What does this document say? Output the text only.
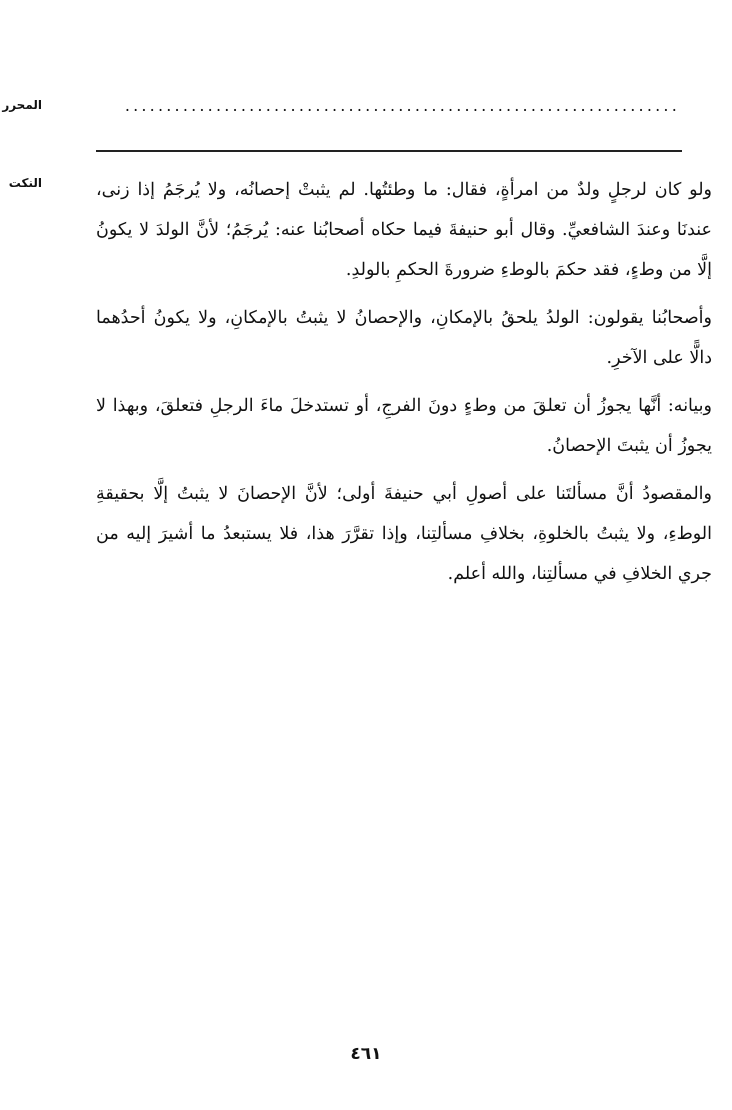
المحرر	...................................................................
النكت	ولو كان لرجلٍ ولدٌ من امرأةٍ، فقال: ما وطئتُها. لم يثبتْ إحصانُه، ولا يُرجَمُ إذا زنى، عندنَا وعندَ الشافعيِّ. وقال أبو حنيفةَ فيما حكاه أصحابُنا عنه: يُرجَمُ؛ لأنَّ الولدَ لا يكونُ إلَّا من وطءٍ، فقد حكمَ بالوطءِ ضرورةَ الحكمِ بالولدِ.

وأصحابُنا يقولون: الولدُ يلحقُ بالإمكانِ، والإحصانُ لا يثبتُ بالإمكانِ، ولا يكونُ أحدُهما دالًّا على الآخرِ.

وبيانه: أنَّها يجوزُ أن تعلقَ من وطءٍ دونَ الفرجِ، أو تستدخلَ ماءَ الرجلِ فتعلقَ، وبهذا لا يجوزُ أن يثبتَ الإحصانُ.

والمقصودُ أنَّ مسألتَنا على أصولِ أبي حنيفةَ أولى؛ لأنَّ الإحصانَ لا يثبتُ إلَّا بحقيقةِ الوطءِ، ولا يثبتُ بالخلوةِ، بخلافِ مسألتِنا، وإذا تقرَّرَ هذا، فلا يستبعدُ ما أشيرَ إليه من جري الخلافِ في مسألتِنا، والله أعلم.

٤٦١
